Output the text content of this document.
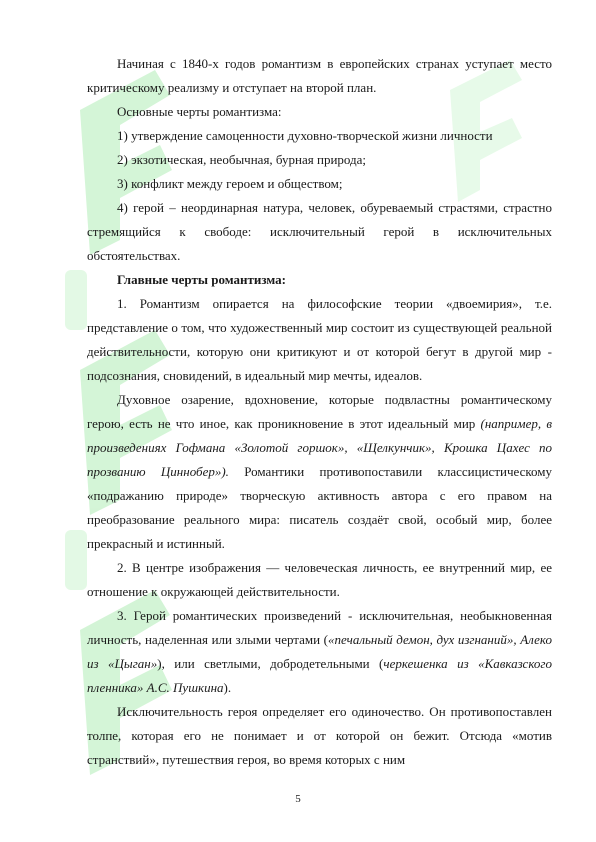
Начиная с 1840-х годов романтизм в европейских странах уступает место критическому реализму и отступает на второй план.

Основные черты романтизма:

1) утверждение самоценности духовно-творческой жизни личности

2) экзотическая, необычная, бурная природа;

3) конфликт между героем и обществом;

4) герой – неординарная натура, человек, обуреваемый страстями, страстно стремящийся к свободе: исключительный герой в исключительных обстоятельствах.

Главные черты романтизма:

1. Романтизм опирается на философские теории «двоемирия», т.е. представление о том, что художественный мир состоит из существующей реальной действительности, которую они критикуют и от которой бегут в другой мир - подсознания, сновидений, в идеальный мир мечты, идеалов.

Духовное озарение, вдохновение, которые подвластны романтическому герою, есть не что иное, как проникновение в этот идеальный мир (например, в произведениях Гофмана «Золотой горшок», «Щелкунчик», Крошка Цахес по прозванию Циннобер»). Романтики противопоставили классицистическому «подражанию природе» творческую активность автора с его правом на преобразование реального мира: писатель создаёт свой, особый мир, более прекрасный и истинный.

2. В центре изображения — человеческая личность, ее внутренний мир, ее отношение к окружающей действительности.

3. Герой романтических произведений - исключительная, необыкновенная личность, наделенная или злыми чертами («печальный демон, дух изгнаний», Алеко из «Цыган»), или светлыми, добродетельными (черкешенка из «Кавказского пленника» А.С. Пушкина).

Исключительность героя определяет его одиночество. Он противопоставлен толпе, которая его не понимает и от которой он бежит. Отсюда «мотив странствий», путешествия героя, во время которых с ним

5
